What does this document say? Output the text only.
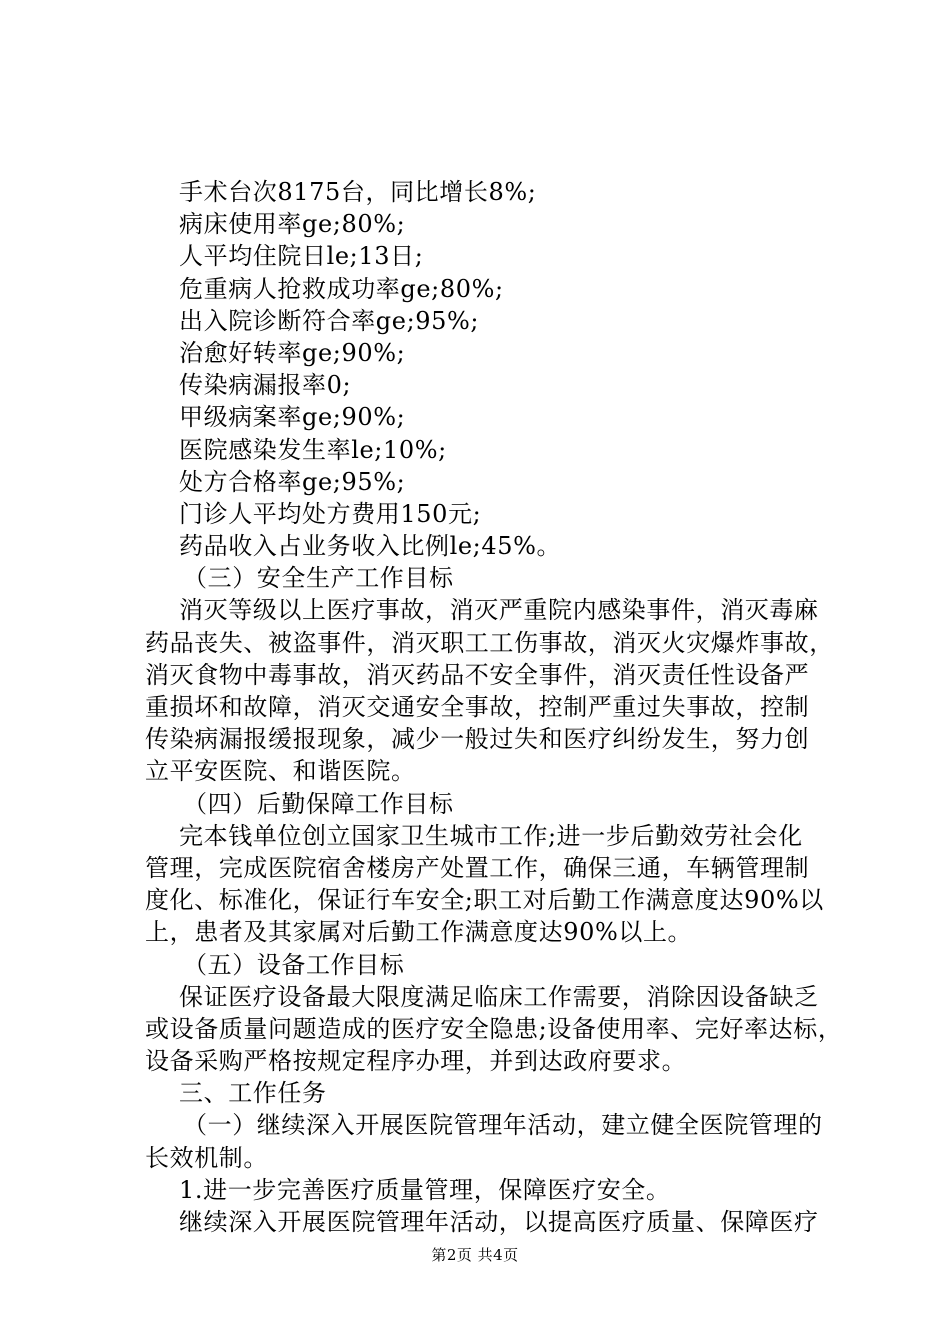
手术台次8175台，同比增长8%;
病床使用率ge;80%;
人平均住院日le;13日;
危重病人抢救成功率ge;80%;
出入院诊断符合率ge;95%;
治愈好转率ge;90%;
传染病漏报率0;
甲级病案率ge;90%;
医院感染发生率le;10%;
处方合格率ge;95%;
门诊人平均处方费用150元;
药品收入占业务收入比例le;45%。
（三）安全生产工作目标
消灭等级以上医疗事故，消灭严重院内感染事件，消灭毒麻
药品丧失、被盗事件，消灭职工工伤事故，消灭火灾爆炸事故，
消灭食物中毒事故，消灭药品不安全事件，消灭责任性设备严
重损坏和故障，消灭交通安全事故，控制严重过失事故，控制
传染病漏报缓报现象，减少一般过失和医疗纠纷发生，努力创
立平安医院、和谐医院。
（四）后勤保障工作目标
完本钱单位创立国家卫生城市工作;进一步后勤效劳社会化
管理，完成医院宿舍楼房产处置工作，确保三通，车辆管理制
度化、标准化，保证行车安全;职工对后勤工作满意度达90%以
上，患者及其家属对后勤工作满意度达90%以上。
（五）设备工作目标
保证医疗设备最大限度满足临床工作需要，消除因设备缺乏
或设备质量问题造成的医疗安全隐患;设备使用率、完好率达标，
设备采购严格按规定程序办理，并到达政府要求。
三、工作任务
（一）继续深入开展医院管理年活动，建立健全医院管理的
长效机制。
1.进一步完善医疗质量管理，保障医疗安全。
继续深入开展医院管理年活动，以提高医疗质量、保障医疗
第2页 共4页
